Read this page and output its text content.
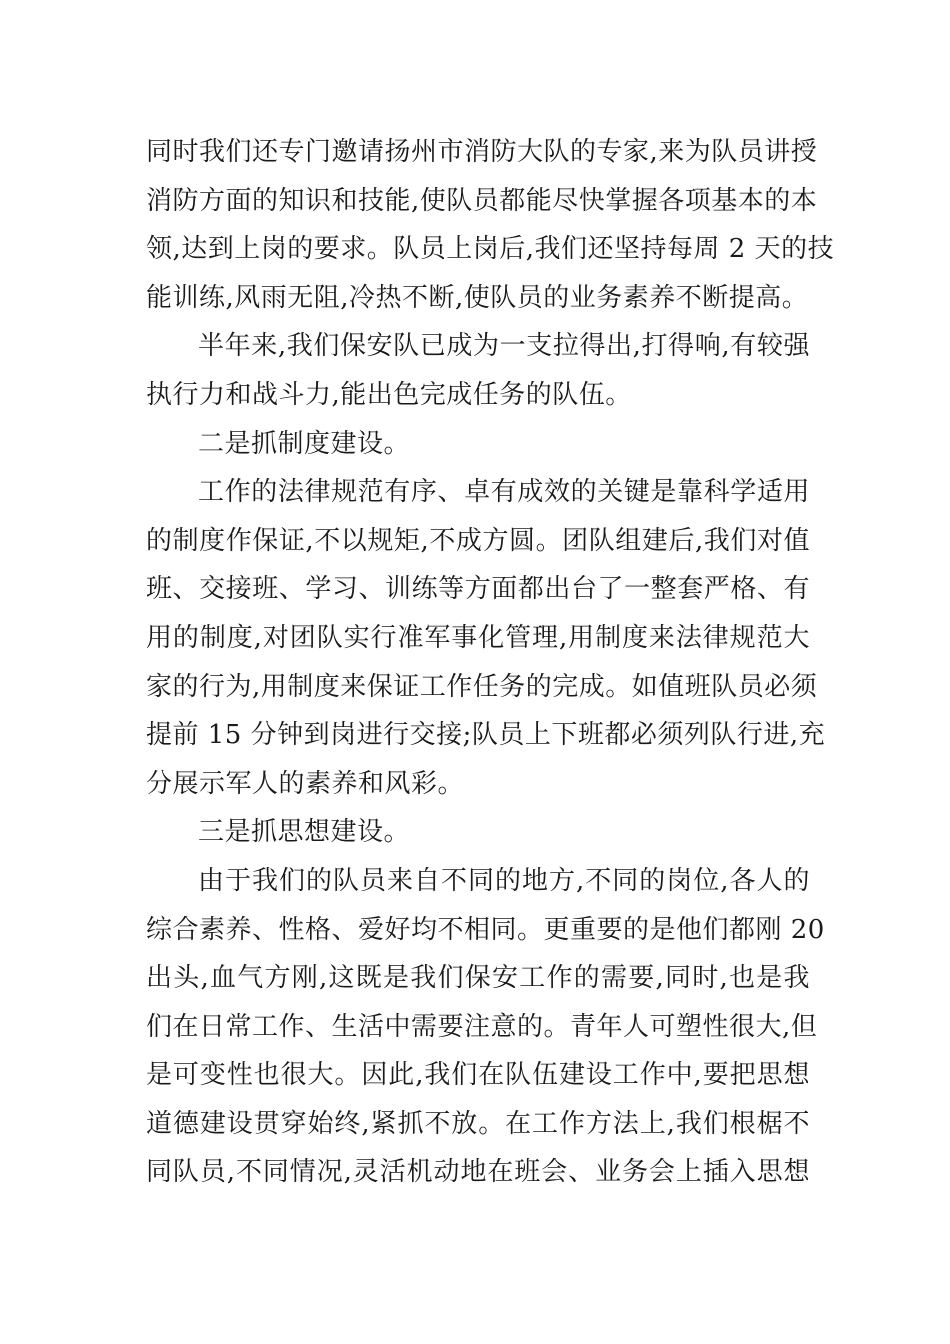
同时我们还专门邀请扬州市消防大队的专家,来为队员讲授
消防方面的知识和技能,使队员都能尽快掌握各项基本的本
领,达到上岗的要求。队员上岗后,我们还坚持每周 2 天的技
能训练,风雨无阻,冷热不断,使队员的业务素养不断提高。
半年来,我们保安队已成为一支拉得出,打得响,有较强
执行力和战斗力,能出色完成任务的队伍。
二是抓制度建设。
工作的法律规范有序、卓有成效的关键是靠科学适用
的制度作保证,不以规矩,不成方圆。团队组建后,我们对值
班、交接班、学习、训练等方面都出台了一整套严格、有
用的制度,对团队实行准军事化管理,用制度来法律规范大
家的行为,用制度来保证工作任务的完成。如值班队员必须
提前 15 分钟到岗进行交接;队员上下班都必须列队行进,充
分展示军人的素养和风彩。
三是抓思想建设。
由于我们的队员来自不同的地方,不同的岗位,各人的
综合素养、性格、爱好均不相同。更重要的是他们都刚 20
出头,血气方刚,这既是我们保安工作的需要,同时,也是我
们在日常工作、生活中需要注意的。青年人可塑性很大,但
是可变性也很大。因此,我们在队伍建设工作中,要把思想
道德建设贯穿始终,紧抓不放。在工作方法上,我们根椐不
同队员,不同情况,灵活机动地在班会、业务会上插入思想
